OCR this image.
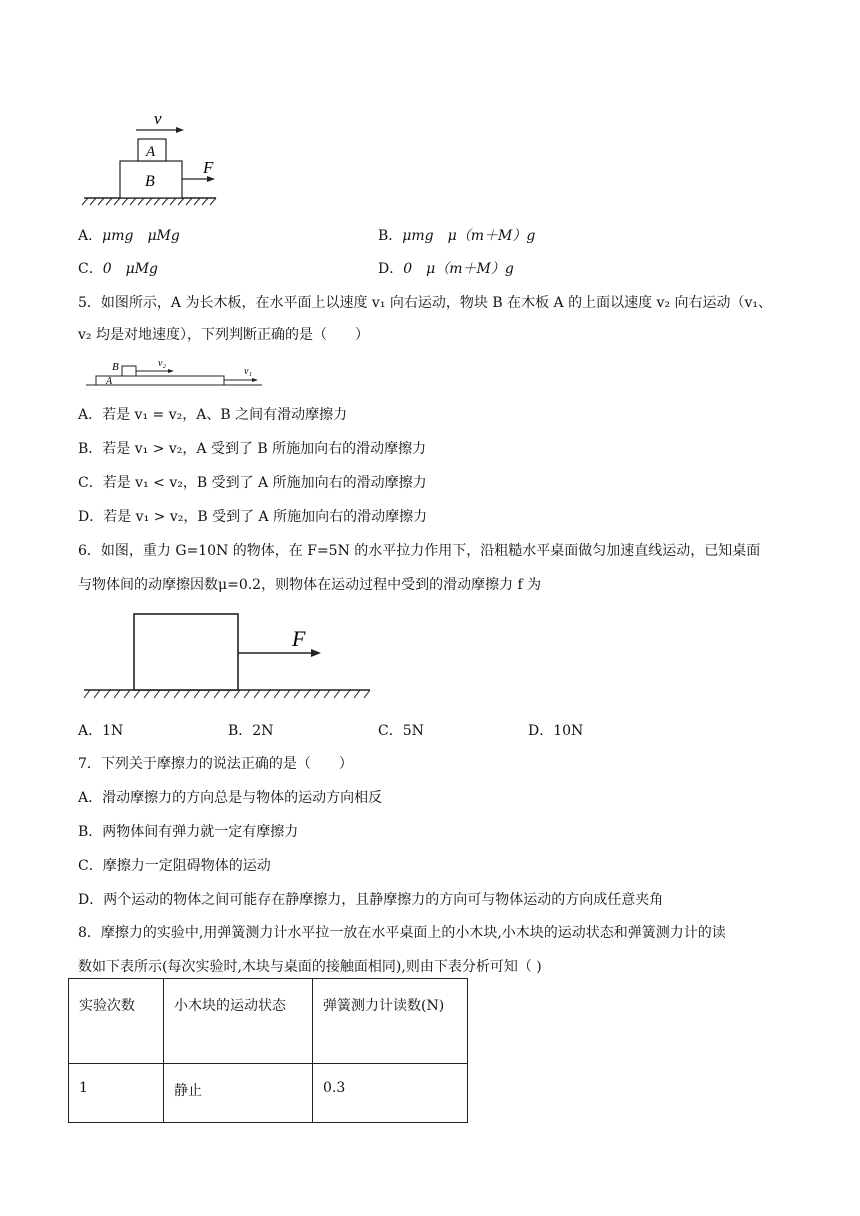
B
A
v
F
A．μmg　μMg	B．μmg　μ（m＋M）g
C．0　μMg	D．0　μ（m＋M）g
5．如图所示，A 为长木板，在水平面上以速度 v₁ 向右运动，物块 B 在木板 A 的上面以速度 v₂ 向右运动（v₁、
v₂ 均是对地速度），下列判断正确的是（　　）
B
A
v₂
v₁
A．若是 v₁ = v₂，A、B 之间有滑动摩擦力
B．若是 v₁ > v₂，A 受到了 B 所施加向右的滑动摩擦力
C．若是 v₁ < v₂，B 受到了 A 所施加向右的滑动摩擦力
D．若是 v₁ > v₂，B 受到了 A 所施加向右的滑动摩擦力
6．如图，重力 G=10N 的物体，在 F=5N 的水平拉力作用下，沿粗糙水平桌面做匀加速直线运动，已知桌面
与物体间的动摩擦因数μ=0.2，则物体在运动过程中受到的滑动摩擦力 f 为
F
A．1N	B．2N	C．5N	D．10N
7．下列关于摩擦力的说法正确的是（　　）
A．滑动摩擦力的方向总是与物体的运动方向相反
B．两物体间有弹力就一定有摩擦力
C．摩擦力一定阻碍物体的运动
D．两个运动的物体之间可能存在静摩擦力，且静摩擦力的方向可与物体运动的方向成任意夹角
8．摩擦力的实验中,用弹簧测力计水平拉一放在水平桌面上的小木块,小木块的运动状态和弹簧测力计的读
数如下表所示(每次实验时,木块与桌面的接触面相同),则由下表分析可知（ )
实验次数	小木块的运动状态	弹簧测力计读数(N)
1	静止	0.3
